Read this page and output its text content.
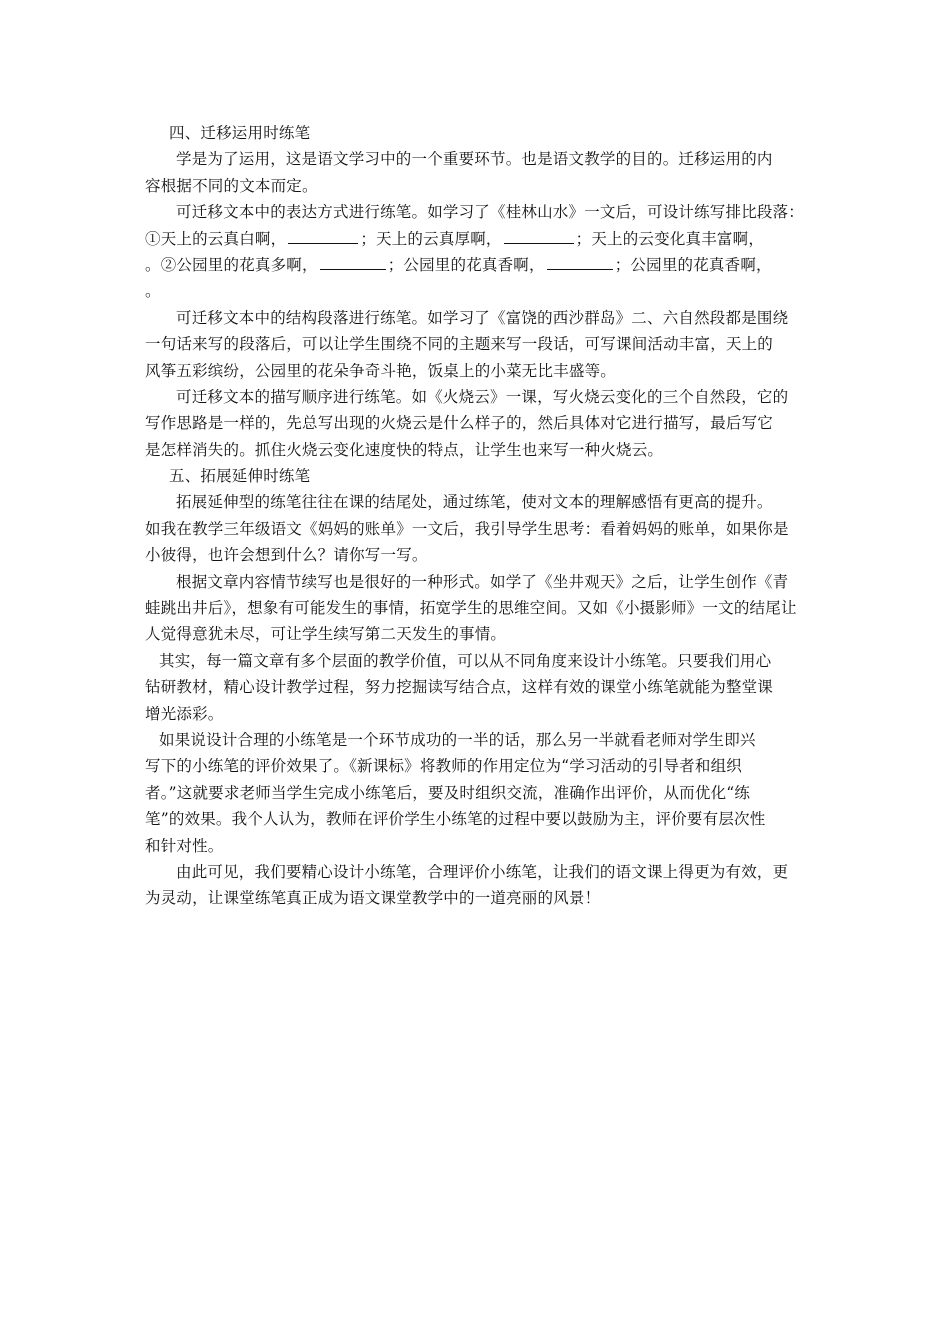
四、迁移运用时练笔
学是为了运用，这是语文学习中的一个重要环节。也是语文教学的目的。迁移运用的内
容根据不同的文本而定。
可迁移文本中的表达方式进行练笔。如学习了《桂林山水》一文后，可设计练写排比段落：
①天上的云真白啊，	；天上的云真厚啊，	；天上的云变化真丰富啊，
。②公园里的花真多啊，	；公园里的花真香啊，	；公园里的花真香啊，
。
可迁移文本中的结构段落进行练笔。如学习了《富饶的西沙群岛》二、六自然段都是围绕
一句话来写的段落后，可以让学生围绕不同的主题来写一段话，可写课间活动丰富，天上的
风筝五彩缤纷，公园里的花朵争奇斗艳，饭桌上的小菜无比丰盛等。
可迁移文本的描写顺序进行练笔。如《火烧云》一课，写火烧云变化的三个自然段，它的
写作思路是一样的，先总写出现的火烧云是什么样子的，然后具体对它进行描写，最后写它
是怎样消失的。抓住火烧云变化速度快的特点，让学生也来写一种火烧云。
五、拓展延伸时练笔
拓展延伸型的练笔往往在课的结尾处，通过练笔，使对文本的理解感悟有更高的提升。
如我在教学三年级语文《妈妈的账单》一文后，我引导学生思考：看着妈妈的账单，如果你是
小彼得，也许会想到什么？请你写一写。
根据文章内容情节续写也是很好的一种形式。如学了《坐井观天》之后，让学生创作《青
蛙跳出井后》，想象有可能发生的事情，拓宽学生的思维空间。又如《小摄影师》一文的结尾让
人觉得意犹未尽，可让学生续写第二天发生的事情。
其实，每一篇文章有多个层面的教学价值，可以从不同角度来设计小练笔。只要我们用心
钻研教材，精心设计教学过程，努力挖掘读写结合点，这样有效的课堂小练笔就能为整堂课
增光添彩。
如果说设计合理的小练笔是一个环节成功的一半的话，那么另一半就看老师对学生即兴
写下的小练笔的评价效果了。《新课标》将教师的作用定位为“学习活动的引导者和组织
者。”这就要求老师当学生完成小练笔后，要及时组织交流，准确作出评价，从而优化“练
笔”的效果。我个人认为，教师在评价学生小练笔的过程中要以鼓励为主，评价要有层次性
和针对性。
由此可见，我们要精心设计小练笔，合理评价小练笔，让我们的语文课上得更为有效，更
为灵动，让课堂练笔真正成为语文课堂教学中的一道亮丽的风景！
